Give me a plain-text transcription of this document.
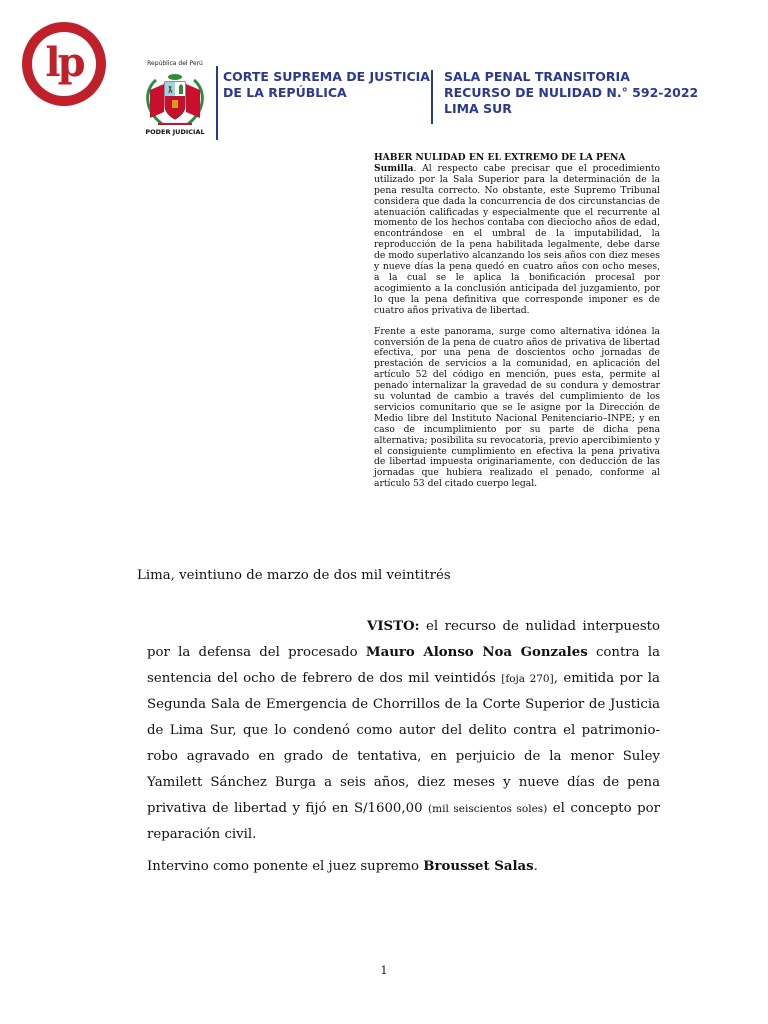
lp	República del Perú
PODER JUDICIAL
CORTE SUPREMA DE JUSTICIA
DE LA REPÚBLICA
SALA PENAL TRANSITORIA
RECURSO DE NULIDAD N.° 592-2022
LIMA SUR

HABER NULIDAD EN EL EXTREMO DE LA PENA
Sumilla. Al respecto cabe precisar que el procedimiento utilizado por la Sala Superior para la determinación de la pena resulta correcto. No obstante, este Supremo Tribunal considera que dada la concurrencia de dos circunstancias de atenuación calificadas y especialmente que el recurrente al momento de los hechos contaba con dieciocho años de edad, encontrándose en el umbral de la imputabilidad, la reproducción de la pena habilitada legalmente, debe darse de modo superlativo alcanzando los seis años con diez meses y nueve días la pena quedó en cuatro años con ocho meses, a la cual se le aplica la bonificación procesal por acogimiento a la conclusión anticipada del juzgamiento, por lo que la pena definitiva que corresponde imponer es de cuatro años privativa de libertad.

Frente a este panorama, surge como alternativa idónea la conversión de la pena de cuatro años de privativa de libertad efectiva, por una pena de doscientos ocho jornadas de prestación de servicios a la comunidad, en aplicación del artículo 52 del código en mención, pues esta, permite al penado internalizar la gravedad de su condura y demostrar su voluntad de cambio a través del cumplimiento de los servicios comunitario que se le asigne por la Dirección de Medio libre del Instituto Nacional Penitenciario–INPE; y en caso de incumplimiento por su parte de dicha pena alternativa; posibilita su revocatoria, previo apercibimiento y el consiguiente cumplimiento en efectiva la pena privativa de libertad impuesta originariamente, con deducción de las jornadas que hubiera realizado el penado, conforme al artículo 53 del citado cuerpo legal.

Lima, veintiuno de marzo de dos mil veintitrés

VISTO: el recurso de nulidad interpuesto por la defensa del procesado Mauro Alonso Noa Gonzales contra la sentencia del ocho de febrero de dos mil veintidós [foja 270], emitida por la Segunda Sala de Emergencia de Chorrillos de la Corte Superior de Justicia de Lima Sur, que lo condenó como autor del delito contra el patrimonio-robo agravado en grado de tentativa, en perjuicio de la menor Suley Yamilett Sánchez Burga a seis años, diez meses y nueve días de pena privativa de libertad y fijó en S/1600,00 (mil seiscientos soles) el concepto por reparación civil.

Intervino como ponente el juez supremo Brousset Salas.

1
